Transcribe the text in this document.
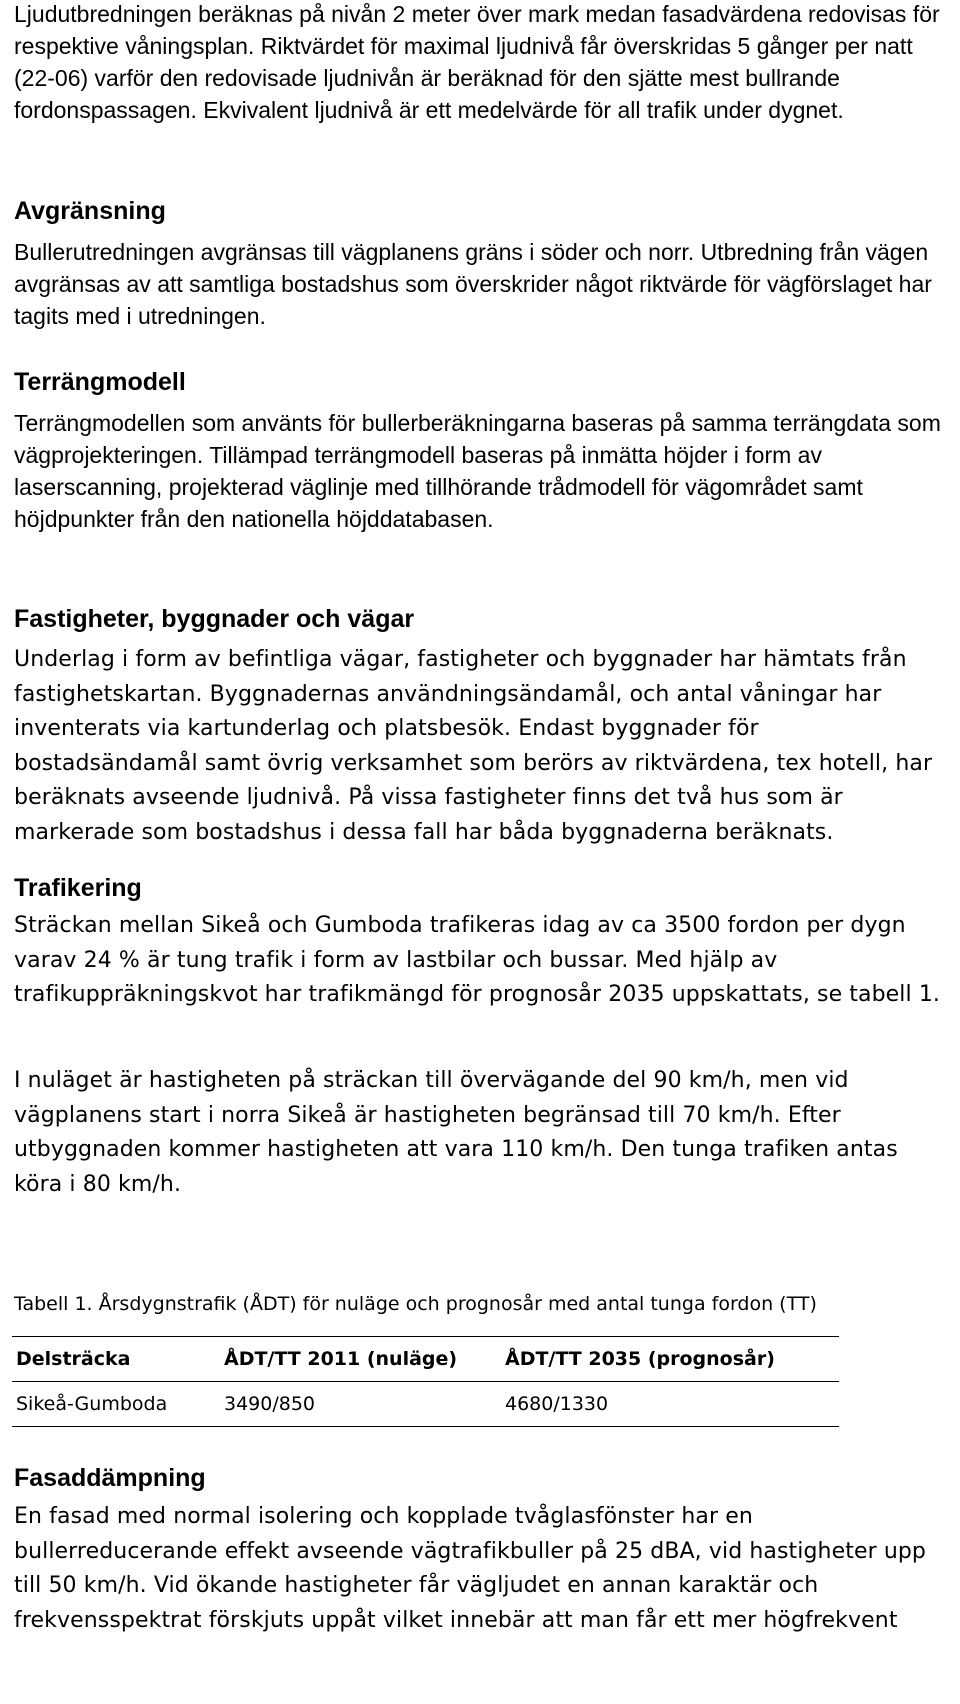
Ljudutbredningen beräknas på nivån 2 meter över mark medan fasadvärdena redovisas för respektive våningsplan. Riktvärdet för maximal ljudnivå får överskridas 5 gånger per natt (22-06) varför den redovisade ljudnivån är beräknad för den sjätte mest bullrande fordonspassagen. Ekvivalent ljudnivå är ett medelvärde för all trafik under dygnet.

Avgränsning

Bullerutredningen avgränsas till vägplanens gräns i söder och norr. Utbredning från vägen avgränsas av att samtliga bostadshus som överskrider något riktvärde för vägförslaget har tagits med i utredningen.

Terrängmodell

Terrängmodellen som använts för bullerberäkningarna baseras på samma terrängdata som vägprojekteringen. Tillämpad terrängmodell baseras på inmätta höjder i form av laserscanning, projekterad väglinje med tillhörande trådmodell för vägområdet samt höjdpunkter från den nationella höjddatabasen.

Fastigheter, byggnader och vägar

Underlag i form av befintliga vägar, fastigheter och byggnader har hämtats från fastighetskartan. Byggnadernas användningsändamål, och antal våningar har inventerats via kartunderlag och platsbesök. Endast byggnader för bostadsändamål samt övrig verksamhet som berörs av riktvärdena, tex hotell, har beräknats avseende ljudnivå. På vissa fastigheter finns det två hus som är markerade som bostadshus i dessa fall har båda byggnaderna beräknats.

Trafikering

Sträckan mellan Sikeå och Gumboda trafikeras idag av ca 3500 fordon per dygn varav 24 % är tung trafik i form av lastbilar och bussar. Med hjälp av trafikuppräkningskvot har trafikmängd för prognosår 2035 uppskattats, se tabell 1.

I nuläget är hastigheten på sträckan till övervägande del 90 km/h, men vid vägplanens start i norra Sikeå är hastigheten begränsad till 70 km/h. Efter utbyggnaden kommer hastigheten att vara 110 km/h. Den tunga trafiken antas köra i 80 km/h.

Tabell 1. Årsdygnstrafik (ÅDT) för nuläge och prognosår med antal tunga fordon (TT)

Delsträcka	ÅDT/TT 2011 (nuläge)	ÅDT/TT 2035 (prognosår)
Sikeå-Gumboda	3490/850	4680/1330
Fasaddämpning

En fasad med normal isolering och kopplade tvåglasfönster har en bullerreducerande effekt avseende vägtrafikbuller på 25 dBA, vid hastigheter upp till 50 km/h. Vid ökande hastigheter får vägljudet en annan karaktär och frekvensspektrat förskjuts uppåt vilket innebär att man får ett mer högfrekvent
